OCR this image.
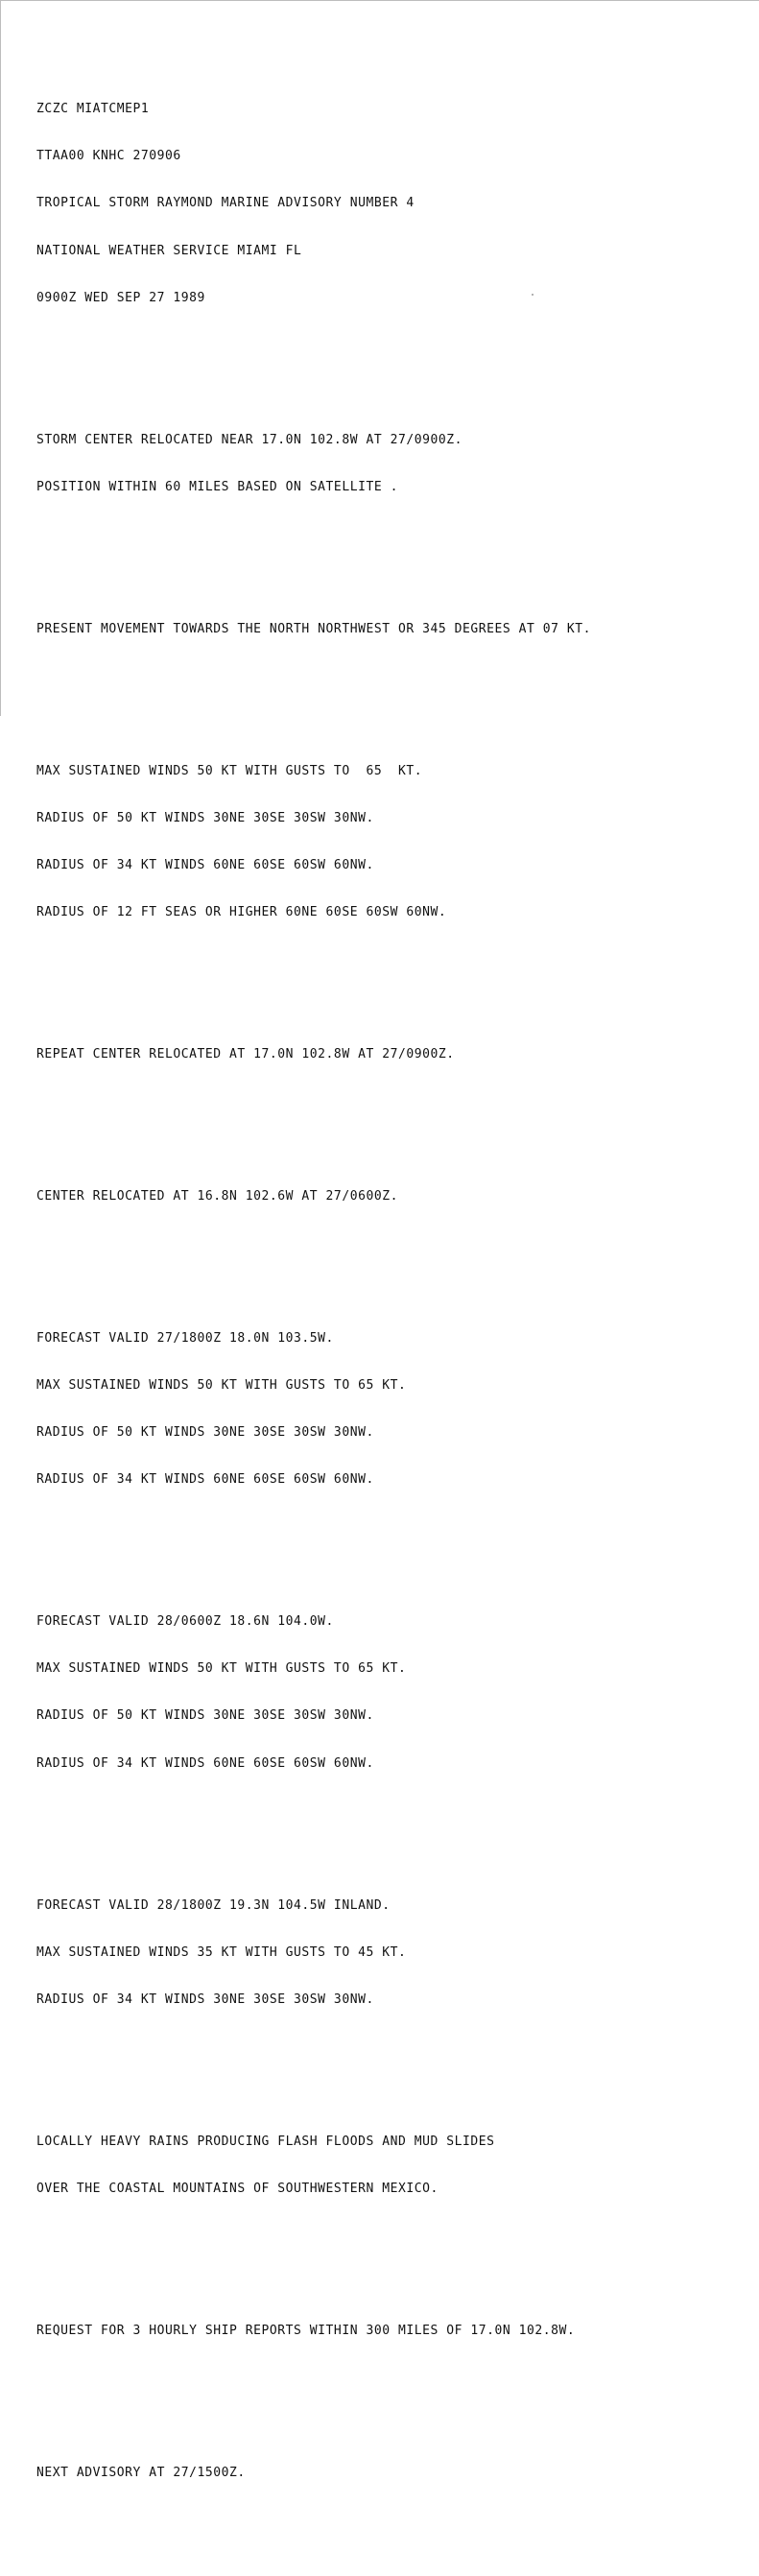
ZCZC MIATCMEP1

TTAA00 KNHC 270906

TROPICAL STORM RAYMOND MARINE ADVISORY NUMBER 4

NATIONAL WEATHER SERVICE MIAMI FL

0900Z WED SEP 27 1989

STORM CENTER RELOCATED NEAR 17.0N 102.8W AT 27/0900Z.

POSITION WITHIN 60 MILES BASED ON SATELLITE .

PRESENT MOVEMENT TOWARDS THE NORTH NORTHWEST OR 345 DEGREES AT 07 KT.

MAX SUSTAINED WINDS 50 KT WITH GUSTS TO  65  KT.

RADIUS OF 50 KT WINDS 30NE 30SE 30SW 30NW.

RADIUS OF 34 KT WINDS 60NE 60SE 60SW 60NW.

RADIUS OF 12 FT SEAS OR HIGHER 60NE 60SE 60SW 60NW.

REPEAT CENTER RELOCATED AT 17.0N 102.8W AT 27/0900Z.

CENTER RELOCATED AT 16.8N 102.6W AT 27/0600Z.

FORECAST VALID 27/1800Z 18.0N 103.5W.

MAX SUSTAINED WINDS 50 KT WITH GUSTS TO 65 KT.

RADIUS OF 50 KT WINDS 30NE 30SE 30SW 30NW.

RADIUS OF 34 KT WINDS 60NE 60SE 60SW 60NW.

FORECAST VALID 28/0600Z 18.6N 104.0W.

MAX SUSTAINED WINDS 50 KT WITH GUSTS TO 65 KT.

RADIUS OF 50 KT WINDS 30NE 30SE 30SW 30NW.

RADIUS OF 34 KT WINDS 60NE 60SE 60SW 60NW.

FORECAST VALID 28/1800Z 19.3N 104.5W INLAND.

MAX SUSTAINED WINDS 35 KT WITH GUSTS TO 45 KT.

RADIUS OF 34 KT WINDS 30NE 30SE 30SW 30NW.

LOCALLY HEAVY RAINS PRODUCING FLASH FLOODS AND MUD SLIDES

OVER THE COASTAL MOUNTAINS OF SOUTHWESTERN MEXICO.

REQUEST FOR 3 HOURLY SHIP REPORTS WITHIN 300 MILES OF 17.0N 102.8W.

NEXT ADVISORY AT 27/1500Z.
